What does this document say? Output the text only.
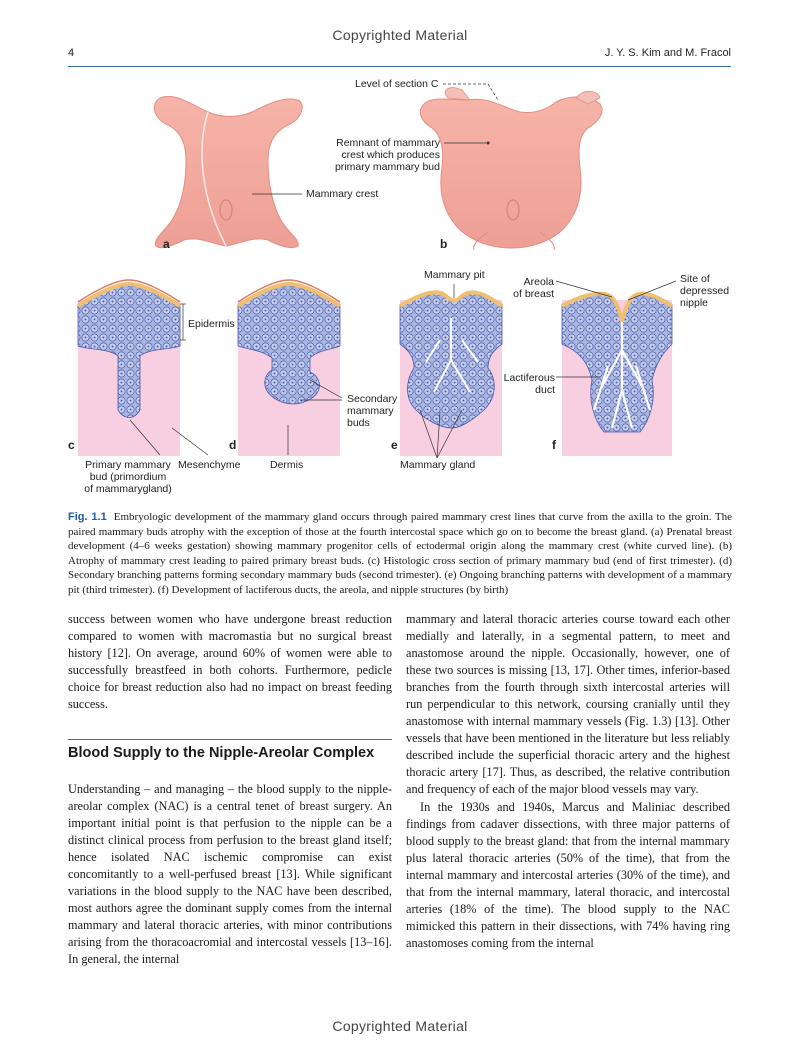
Copyrighted Material
Copyrighted Material
4	J. Y. S. Kim and M. Fracol
Level of section C
Remnant of mammary
crest which produces
primary mammary bud
Mammary crest
a	b
Mammary pit
Areola
of breast
Site of
depressed
nipple
Epidermis
Secondary
mammary
buds
Lactiferous
duct
c	d	e	f
Primary mammary
bud (primordium
of mammarygland)
Mesenchyme	Dermis	Mammary gland
Fig. 1.1 Embryologic development of the mammary gland occurs through paired mammary crest lines that curve from the axilla to the groin. The paired mammary buds atrophy with the exception of those at the fourth intercostal space which go on to become the breast gland. (a) Prenatal breast development (4–6 weeks gestation) showing mammary progenitor cells of ectodermal origin along the mammary crest (white curved line). (b) Atrophy of mammary crest leading to paired primary breast buds. (c) Histologic cross section of primary mammary bud (end of first trimester). (d) Secondary branching patterns forming secondary mammary buds (second trimester). (e) Ongoing branching patterns with development of a mammary pit (third trimester). (f) Development of lactiferous ducts, the areola, and nipple structures (by birth)

success between women who have undergone breast reduction compared to women with macromastia but no surgical breast history [12]. On average, around 60% of women were able to successfully breastfeed in both cohorts. Furthermore, pedicle choice for breast reduction also had no impact on breast feeding success.

Blood Supply to the Nipple-Areolar Complex

Understanding – and managing – the blood supply to the nipple-areolar complex (NAC) is a central tenet of breast surgery. An important initial point is that perfusion to the nipple can be a distinct clinical process from perfusion to the breast gland itself; hence isolated NAC ischemic compromise can exist concomitantly to a well-perfused breast [13]. While significant variations in the blood supply to the NAC have been described, most authors agree the dominant supply comes from the internal mammary and lateral thoracic arteries, with minor contributions arising from the thoracoacromial and intercostal vessels [13–16]. In general, the internal

mammary and lateral thoracic arteries course toward each other medially and laterally, in a segmental pattern, to meet and anastomose around the nipple. Occasionally, however, one of these two sources is missing [13, 17]. Other times, inferior-based branches from the fourth through sixth intercostal arteries will run perpendicular to this network, coursing cranially until they anastomose with internal mammary vessels (Fig. 1.3) [13]. Other vessels that have been mentioned in the literature but less reliably described include the superficial thoracic artery and the highest thoracic artery [17]. Thus, as described, the relative contribution and frequency of each of the major blood vessels may vary.

In the 1930s and 1940s, Marcus and Maliniac described findings from cadaver dissections, with three major patterns of blood supply to the breast gland: that from the internal mammary plus lateral thoracic arteries (50% of the time), that from the internal mammary and intercostal arteries (30% of the time), and that from the internal mammary, lateral thoracic, and intercostal arteries (18% of the time). The blood supply to the NAC mimicked this pattern in their dissections, with 74% having ring anastomoses coming from the internal
